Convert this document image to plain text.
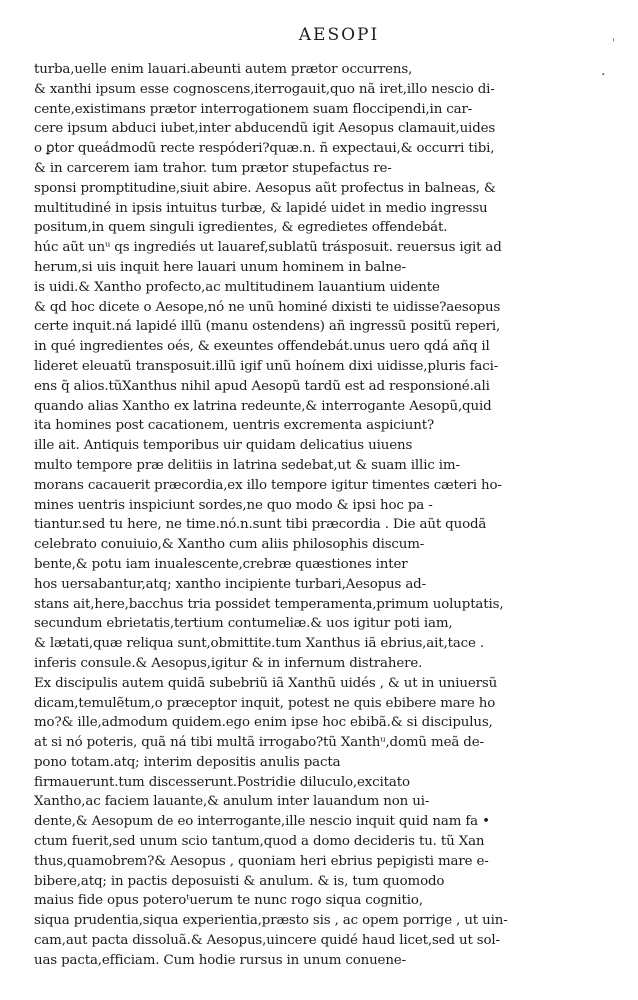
AESOPI	'
·
turba,uelle enim lauari.abeunti autem prætor occurrens,
& xanthi ipsum esse cognoscens,iterrogauit,quo nã iret,illo nescio di-
cente,existimans prætor interrogationem suam floccipendi,in car-
cere ipsum abduci iubet,inter abducendũ igit Aesopus clamauit,uides
o ꝑtor queádmodũ recte respóderi?quæ.n. ñ expectaui,& occurri tibi,
& in carcerem iam trahor. tum prætor stupefactus re-
sponsi promptitudine,siuit abire. Aesopus aũt profectus in balneas, &
multitudiné in ipsis intuitus turbæ, & lapidé uidet in medio ingressu
positum,in quem singuli igredientes, & egredietes offendebát.
húc aũt unᵘ qs ingrediés ut lauaref,sublatũ trásposuit. reuersus igit ad
herum,si uis inquit here lauari unum hominem in balne-
is uidi.& Xantho profecto,ac multitudinem lauantium uidente
& qd hoc dicete o Aesope,nó ne unũ hominé dixisti te uidisse?aesopus
certe inquit.ná lapidé illũ (manu ostendens) añ ingressũ positũ reperi,
in qué ingredientes oés, & exeuntes offendebát.unus uero qdá añq il
lideret eleuatũ transposuit.illũ igif unũ hoínem dixi uidisse,pluris faci-
ens q̃ alios.tũXanthus nihil apud Aesopũ tardũ est ad responsioné.ali
quando alias Xantho ex latrina redeunte,& interrogante Aesopũ,quid
ita homines post cacationem, uentris excrementa aspiciunt?
ille ait. Antiquis temporibus uir quidam delicatius uiuens
multo tempore præ delitiis in latrina sedebat,ut & suam illic im-
morans cacauerit præcordia,ex illo tempore igitur timentes cæteri ho-
mines uentris inspiciunt sordes,ne quo modo & ipsi hoc pa -
tiantur.sed tu here, ne time.nó.n.sunt tibi præcordia . Die aũt quodã
celebrato conuiuio,& Xantho cum aliis philosophis discum-
bente,& potu iam inualescente,crebræ quæstiones inter
hos uersabantur,atq; xantho incipiente turbari,Aesopus ad-
stans ait,here,bacchus tria possidet temperamenta,primum uoluptatis,
secundum ebrietatis,tertium contumeliæ.& uos igitur poti iam,
& lætati,quæ reliqua sunt,obmittite.tum Xanthus iã ebrius,ait,tace .
inferis consule.& Aesopus,igitur & in infernum distrahere.
Ex discipulis autem quidã subebriũ iã Xanthũ uidés , & ut in uniuersũ
dicam,temulẽtum,o præceptor inquit, potest ne quis ebibere mare ho
mo?& ille,admodum quidem.ego enim ipse hoc ebibã.& si discipulus,
at si nó poteris, quã ná tibi multã irrogabo?tũ Xanthᵘ,domũ meã de-
pono totam.atq; interim depositis anulis pacta
firmauerunt.tum discesserunt.Postridie diluculo,excitato
Xantho,ac faciem lauante,& anulum inter lauandum non ui-
dente,& Aesopum de eo interrogante,ille nescio inquit quid nam fa •
ctum fuerit,sed unum scio tantum,quod a domo decideris tu. tũ Xan
thus,quamobrem?& Aesopus , quoniam heri ebrius pepigisti mare e-
bibere,atq; in pactis deposuisti & anulum. & is, tum quomodo
maius fide opus poteroᵗuerum te nunc rogo siqua cognitio,
siqua prudentia,siqua experientia,præsto sis , ac opem porrige , ut uin-
cam,aut pacta dissoluã.& Aesopus,uincere quidé haud licet,sed ut sol-
uas pacta,efficiam. Cum hodie rursus in unum conuene-
